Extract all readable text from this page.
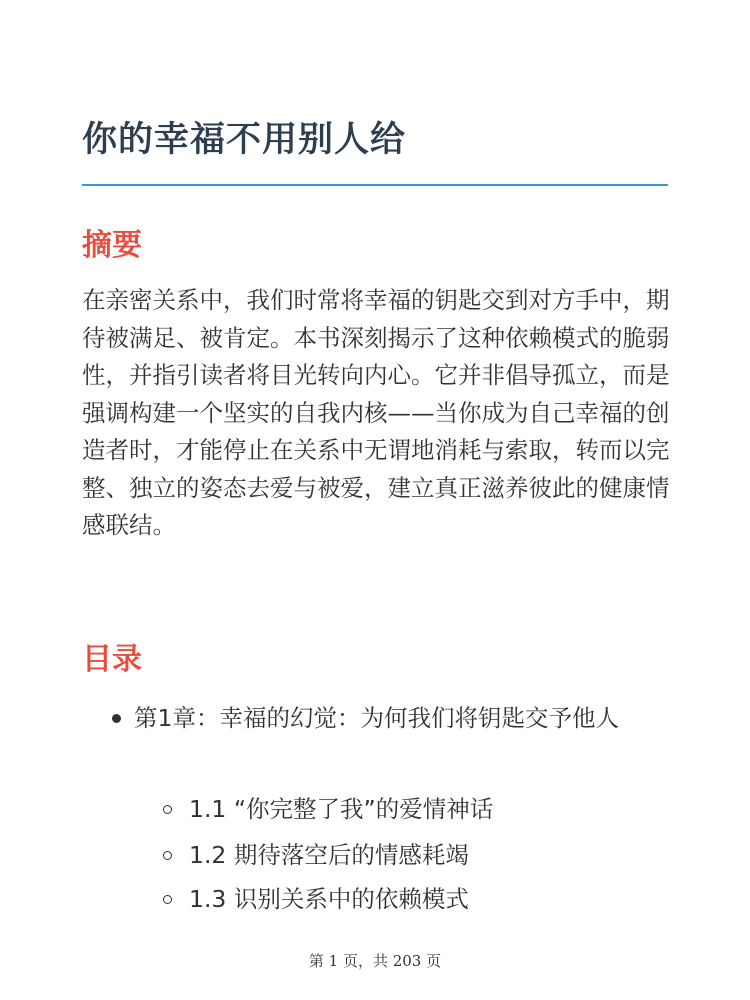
你的幸福不用别人给
摘要

在亲密关系中，我们时常将幸福的钥匙交到对方手中，期待被满足、被肯定。本书深刻揭示了这种依赖模式的脆弱性，并指引读者将目光转向内心。它并非倡导孤立，而是强调构建一个坚实的自我内核——当你成为自己幸福的创造者时，才能停止在关系中无谓地消耗与索取，转而以完整、独立的姿态去爱与被爱，建立真正滋养彼此的健康情感联结。

目录
第1章：幸福的幻觉：为何我们将钥匙交予他人
1.1 “你完整了我”的爱情神话
1.2 期待落空后的情感耗竭
1.3 识别关系中的依赖模式
第 1 页，共 203 页
